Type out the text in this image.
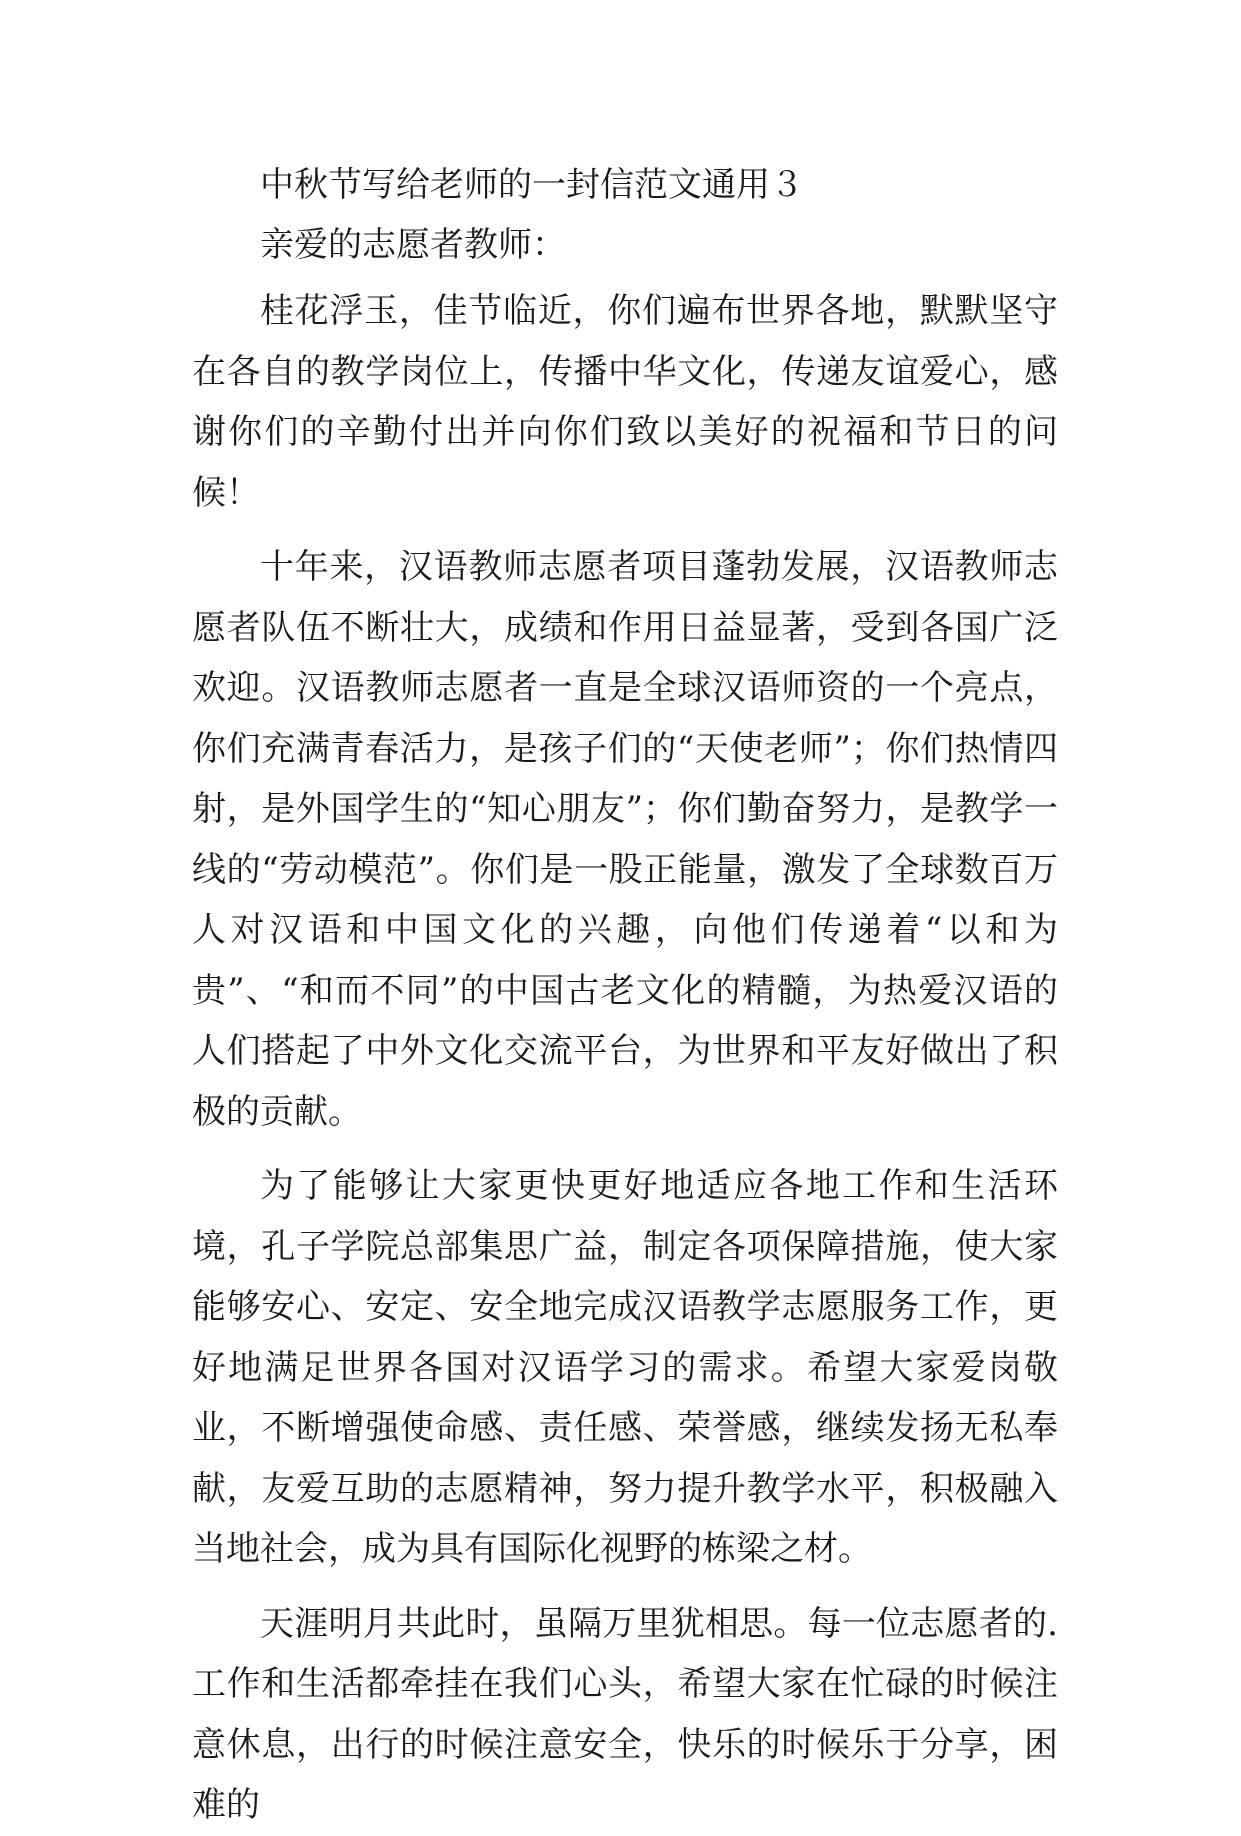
中秋节写给老师的一封信范文通用３

亲爱的志愿者教师：

桂花浮玉，佳节临近，你们遍布世界各地，默默坚守在各自的教学岗位上，传播中华文化，传递友谊爱心，感谢你们的辛勤付出并向你们致以美好的祝福和节日的问候！

十年来，汉语教师志愿者项目蓬勃发展，汉语教师志愿者队伍不断壮大，成绩和作用日益显著，受到各国广泛欢迎。汉语教师志愿者一直是全球汉语师资的一个亮点，你们充满青春活力，是孩子们的“天使老师”；你们热情四射，是外国学生的“知心朋友”；你们勤奋努力，是教学一线的“劳动模范”。你们是一股正能量，激发了全球数百万人对汉语和中国文化的兴趣，向他们传递着“以和为贵”、“和而不同”的中国古老文化的精髓，为热爱汉语的人们搭起了中外文化交流平台，为世界和平友好做出了积极的贡献。

为了能够让大家更快更好地适应各地工作和生活环境，孔子学院总部集思广益，制定各项保障措施，使大家能够安心、安定、安全地完成汉语教学志愿服务工作，更好地满足世界各国对汉语学习的需求。希望大家爱岗敬业，不断增强使命感、责任感、荣誉感，继续发扬无私奉献，友爱互助的志愿精神，努力提升教学水平，积极融入当地社会，成为具有国际化视野的栋梁之材。

天涯明月共此时，虽隔万里犹相思。每一位志愿者的.工作和生活都牵挂在我们心头，希望大家在忙碌的时候注意休息，出行的时候注意安全，快乐的时候乐于分享，困难的
